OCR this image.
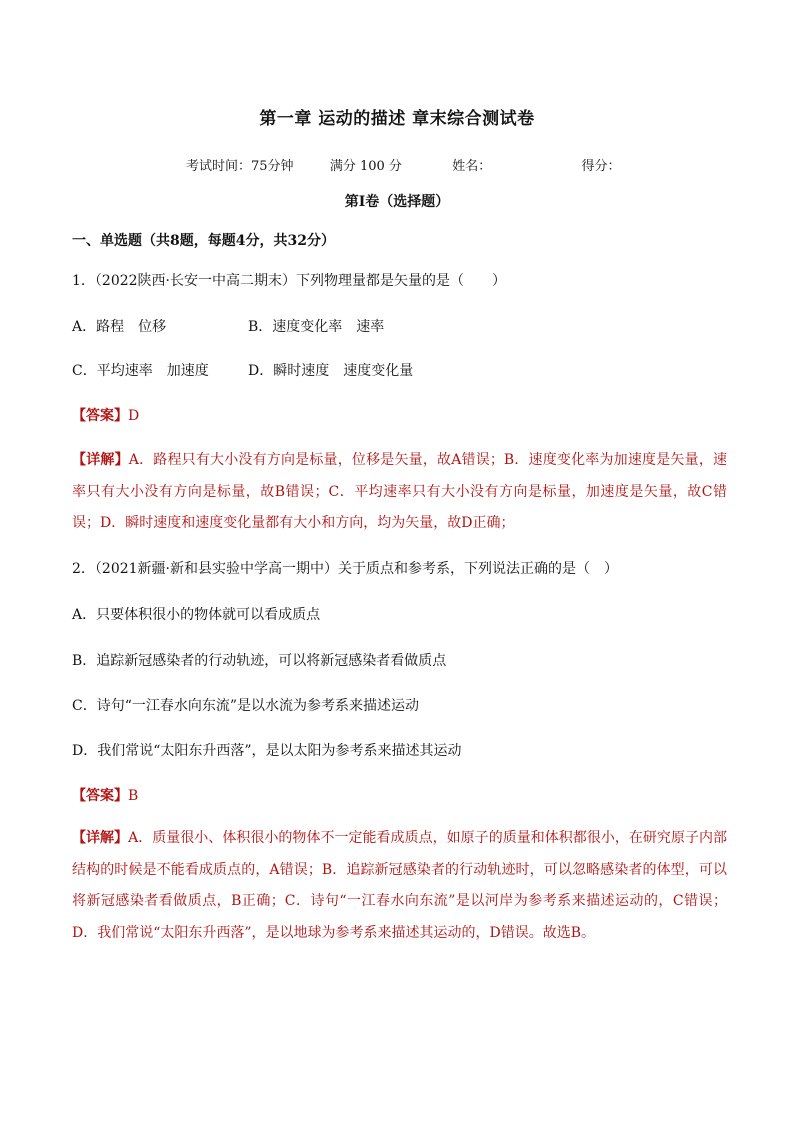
第一章 运动的描述 章末综合测试卷
考试时间：75分钟	满分 100 分	姓名：	得分：
第Ⅰ卷（选择题）
一、单选题（共8题，每题4分，共32分）
1．（2022陕西·长安一中高二期末）下列物理量都是矢量的是（　　）
A．路程　位移	B．速度变化率　速率
C．平均速率　加速度	D．瞬时速度　速度变化量
【答案】D
【详解】A．路程只有大小没有方向是标量，位移是矢量，故A错误；B．速度变化率为加速度是矢量，速率只有大小没有方向是标量，故B错误；C．平均速率只有大小没有方向是标量，加速度是矢量，故C错误；D．瞬时速度和速度变化量都有大小和方向，均为矢量，故D正确；
2．（2021新疆·新和县实验中学高一期中）关于质点和参考系，下列说法正确的是（　）
A．只要体积很小的物体就可以看成质点
B．追踪新冠感染者的行动轨迹，可以将新冠感染者看做质点
C．诗句“一江春水向东流”是以水流为参考系来描述运动
D．我们常说“太阳东升西落”，是以太阳为参考系来描述其运动
【答案】B
【详解】A．质量很小、体积很小的物体不一定能看成质点，如原子的质量和体积都很小，在研究原子内部结构的时候是不能看成质点的，A错误；B．追踪新冠感染者的行动轨迹时，可以忽略感染者的体型，可以将新冠感染者看做质点，B正确；C．诗句“一江春水向东流”是以河岸为参考系来描述运动的，C错误；D．我们常说“太阳东升西落”，是以地球为参考系来描述其运动的，D错误。故选B。
